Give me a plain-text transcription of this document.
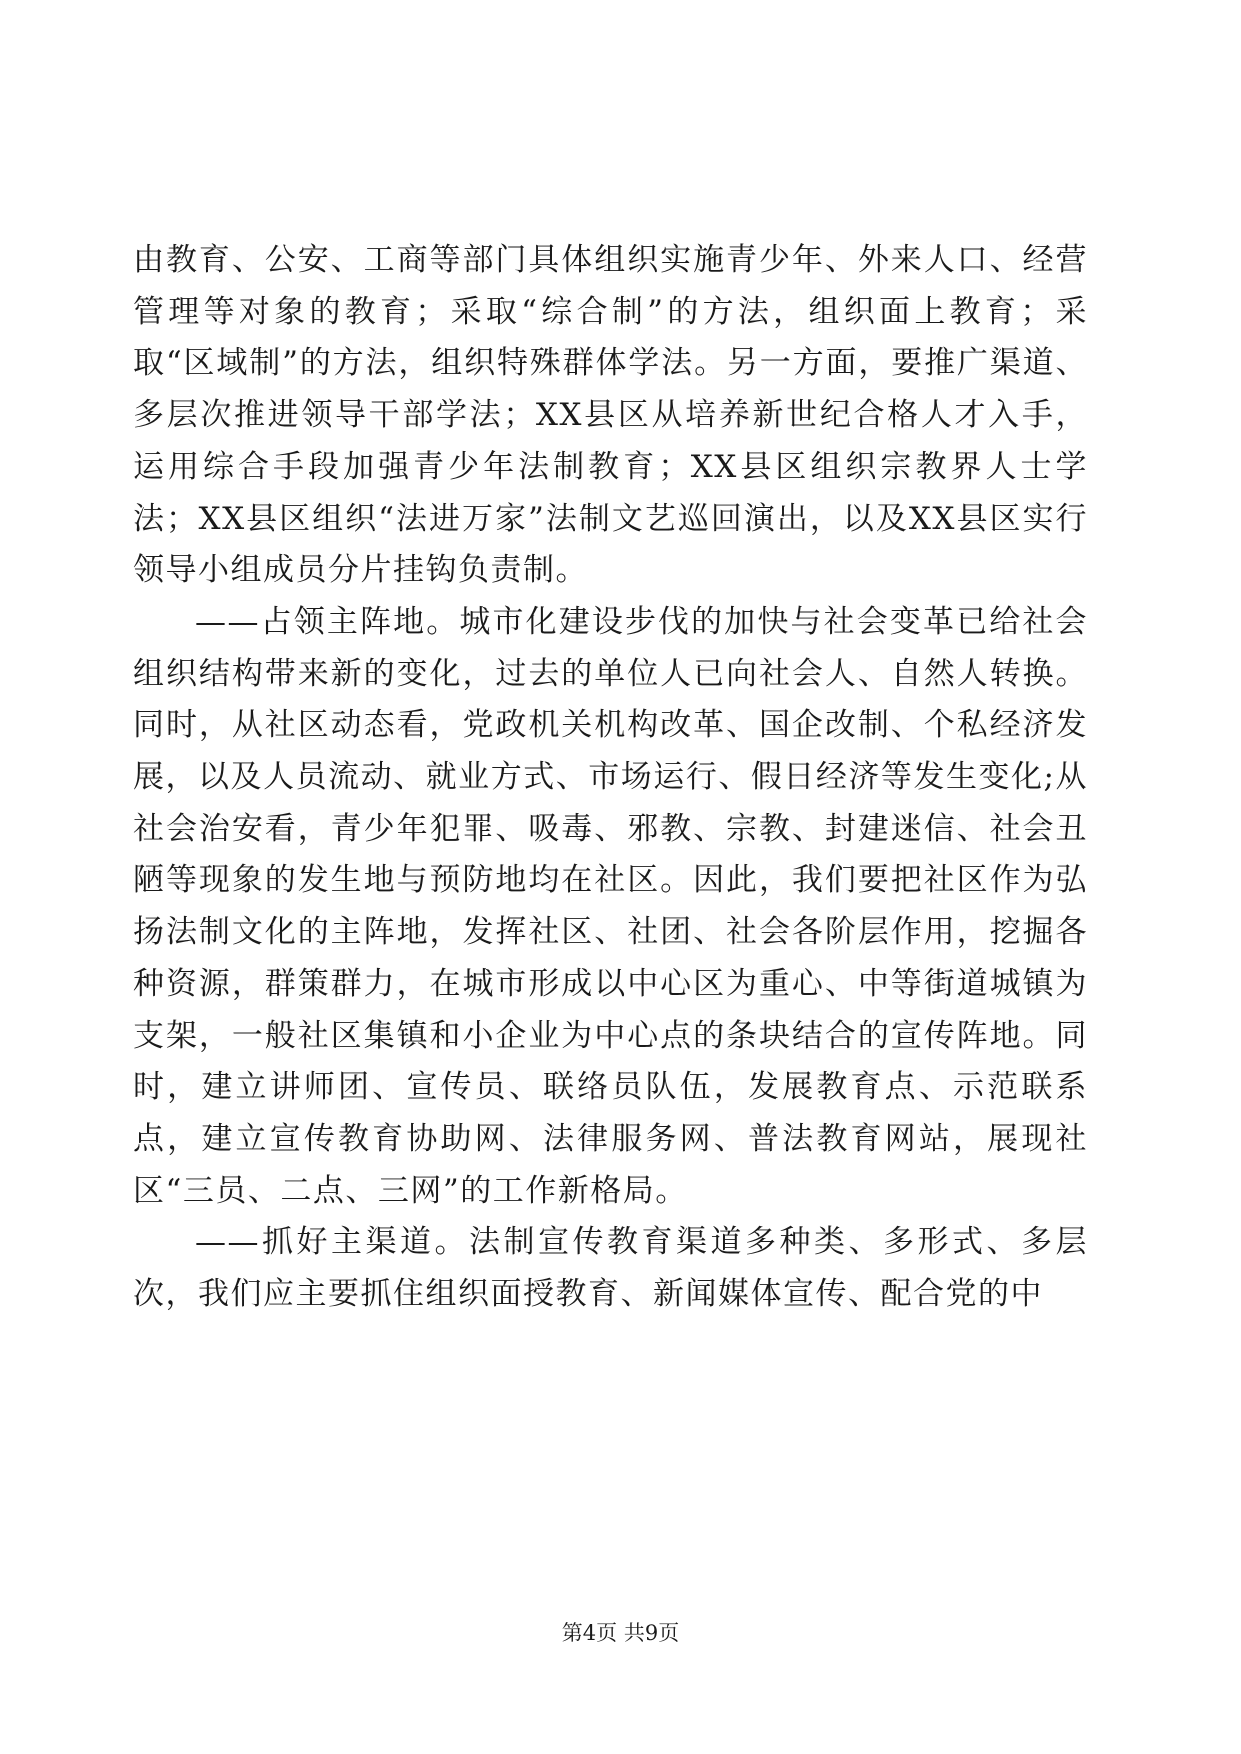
由教育、公安、工商等部门具体组织实施青少年、外来人口、经营管理等对象的教育；采取“综合制”的方法，组织面上教育；采取“区域制”的方法，组织特殊群体学法。另一方面，要推广渠道、多层次推进领导干部学法；XX县区从培养新世纪合格人才入手，运用综合手段加强青少年法制教育；XX县区组织宗教界人士学法；XX县区组织“法进万家”法制文艺巡回演出，以及XX县区实行领导小组成员分片挂钩负责制。

——占领主阵地。城市化建设步伐的加快与社会变革已给社会组织结构带来新的变化，过去的单位人已向社会人、自然人转换。同时，从社区动态看，党政机关机构改革、国企改制、个私经济发展，以及人员流动、就业方式、市场运行、假日经济等发生变化;从社会治安看，青少年犯罪、吸毒、邪教、宗教、封建迷信、社会丑陋等现象的发生地与预防地均在社区。因此，我们要把社区作为弘扬法制文化的主阵地，发挥社区、社团、社会各阶层作用，挖掘各种资源，群策群力，在城市形成以中心区为重心、中等街道城镇为支架，一般社区集镇和小企业为中心点的条块结合的宣传阵地。同时，建立讲师团、宣传员、联络员队伍，发展教育点、示范联系点，建立宣传教育协助网、法律服务网、普法教育网站，展现社区“三员、二点、三网”的工作新格局。

——抓好主渠道。法制宣传教育渠道多种类、多形式、多层次，我们应主要抓住组织面授教育、新闻媒体宣传、配合党的中

第4页 共9页
